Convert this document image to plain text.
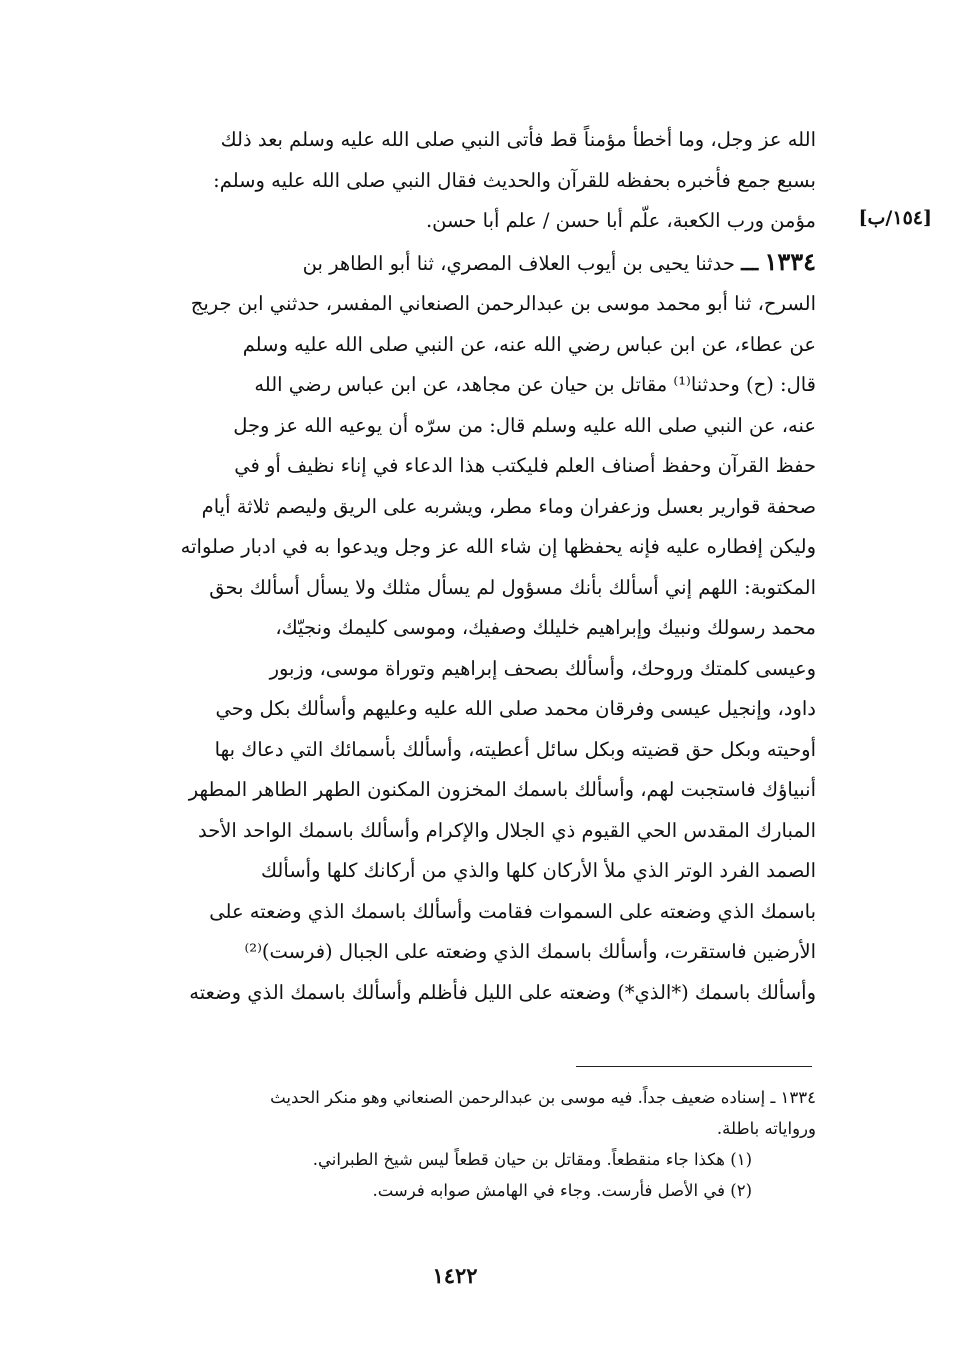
[١٥٤/ب]
الله عز وجل، وما أخطأ مؤمناً قط فأتى النبي صلى الله عليه وسلم بعد ذلك
بسبع جمع فأخبره بحفظه للقرآن والحديث فقال النبي صلى الله عليه وسلم:
مؤمن ورب الكعبة، علّم أبا حسن / علم أبا حسن.
١٣٣٤ ـــ حدثنا يحيى بن أيوب العلاف المصري، ثنا أبو الطاهر بن
السرح، ثنا أبو محمد موسى بن عبدالرحمن الصنعاني المفسر، حدثني ابن جريج
عن عطاء، عن ابن عباس رضي الله عنه، عن النبي صلى الله عليه وسلم
قال: (ح) وحدثنا⁽¹⁾ مقاتل بن حيان عن مجاهد، عن ابن عباس رضي الله
عنه، عن النبي صلى الله عليه وسلم قال: من سرّه أن يوعيه الله عز وجل
حفظ القرآن وحفظ أصناف العلم فليكتب هذا الدعاء في إناء نظيف أو في
صحفة قوارير بعسل وزعفران وماء مطر، ويشربه على الريق وليصم ثلاثة أيام
وليكن إفطاره عليه فإنه يحفظها إن شاء الله عز وجل ويدعوا به في ادبار صلواته
المكتوبة: اللهم إني أسألك بأنك مسؤول لم يسأل مثلك ولا يسأل أسألك بحق
محمد رسولك ونبيك وإبراهيم خليلك وصفيك، وموسى كليمك ونجيّك،
وعيسى كلمتك وروحك، وأسألك بصحف إبراهيم وتوراة موسى، وزبور
داود، وإنجيل عيسى وفرقان محمد صلى الله عليه وعليهم وأسألك بكل وحي
أوحيته وبكل حق قضيته وبكل سائل أعطيته، وأسألك بأسمائك التي دعاك بها
أنبياؤك فاستجبت لهم، وأسألك باسمك المخزون المكنون الطهر الطاهر المطهر
المبارك المقدس الحي القيوم ذي الجلال والإكرام وأسألك باسمك الواحد الأحد
الصمد الفرد الوتر الذي ملأ الأركان كلها والذي من أركانك كلها وأسألك
باسمك الذي وضعته على السموات فقامت وأسألك باسمك الذي وضعته على
الأرضين فاستقرت، وأسألك باسمك الذي وضعته على الجبال (فرست)⁽²⁾
وأسألك باسمك (*الذي*) وضعته على الليل فأظلم وأسألك باسمك الذي وضعته
١٣٣٤ ـ إسناده ضعيف جداً. فيه موسى بن عبدالرحمن الصنعاني وهو منكر الحديث
ورواياته باطلة.
(١) هكذا جاء منقطعاً. ومقاتل بن حيان قطعاً ليس شيخ الطبراني.
(٢) في الأصل فأرست. وجاء في الهامش صوابه فرست.
١٤٢٢
